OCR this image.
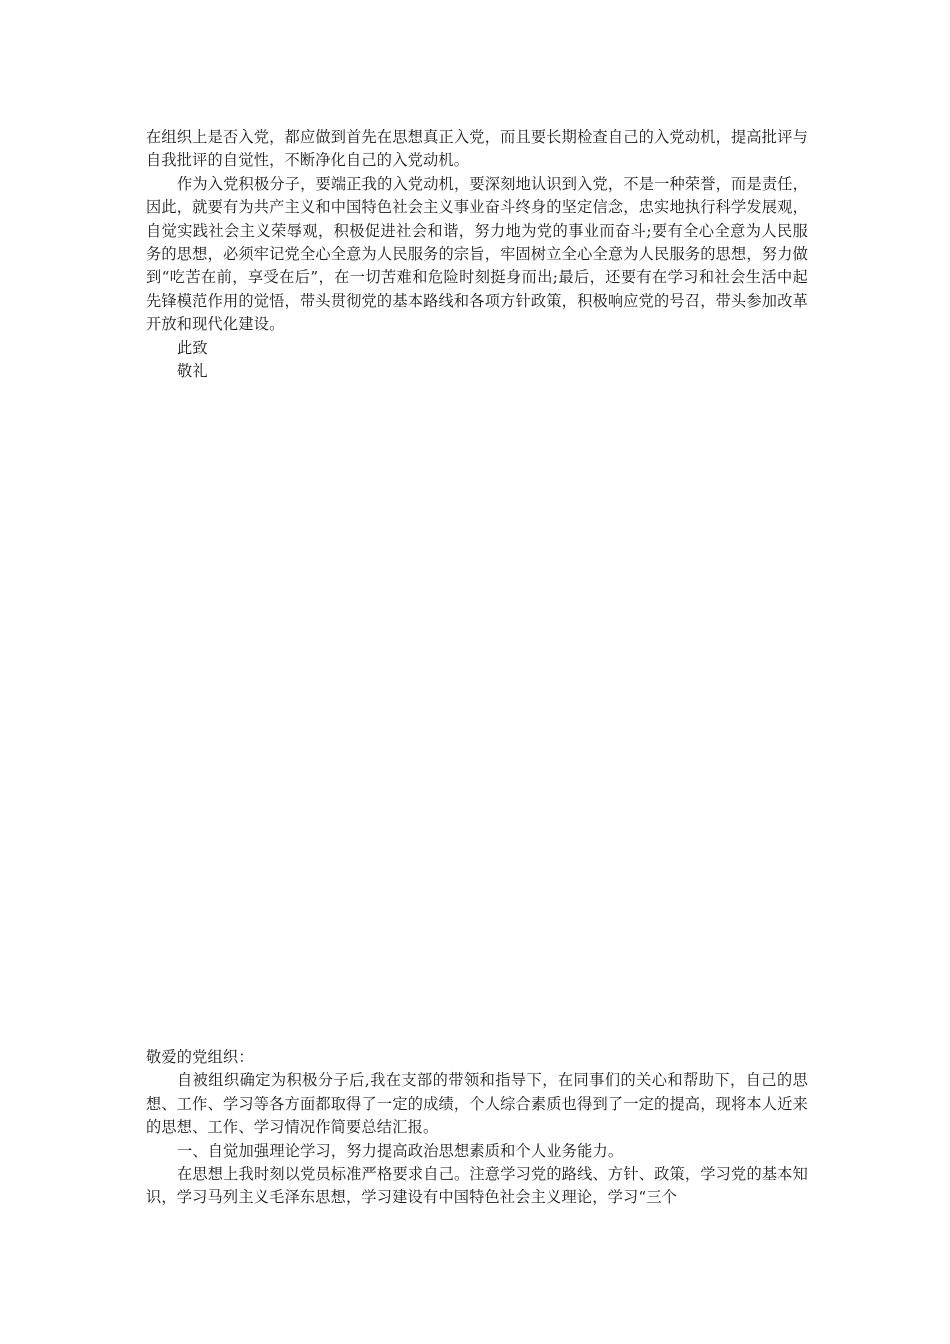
在组织上是否入党，都应做到首先在思想真正入党，而且要长期检查自己的入党动机，提高批评与自我批评的自觉性，不断净化自己的入党动机。

作为入党积极分子，要端正我的入党动机，要深刻地认识到入党，不是一种荣誉，而是责任，因此，就要有为共产主义和中国特色社会主义事业奋斗终身的坚定信念，忠实地执行科学发展观，自觉实践社会主义荣辱观，积极促进社会和谐，努力地为党的事业而奋斗;要有全心全意为人民服务的思想，必须牢记党全心全意为人民服务的宗旨，牢固树立全心全意为人民服务的思想，努力做到“吃苦在前，享受在后”，在一切苦难和危险时刻挺身而出;最后，还要有在学习和社会生活中起先锋模范作用的觉悟，带头贯彻党的基本路线和各项方针政策，积极响应党的号召，带头参加改革开放和现代化建设。

此致

敬礼

敬爱的党组织：

自被组织确定为积极分子后,我在支部的带领和指导下，在同事们的关心和帮助下，自己的思想、工作、学习等各方面都取得了一定的成绩，个人综合素质也得到了一定的提高，现将本人近来的思想、工作、学习情况作简要总结汇报。

一、自觉加强理论学习，努力提高政治思想素质和个人业务能力。

在思想上我时刻以党员标准严格要求自己。注意学习党的路线、方针、政策，学习党的基本知识，学习马列主义毛泽东思想，学习建设有中国特色社会主义理论，学习“三个
